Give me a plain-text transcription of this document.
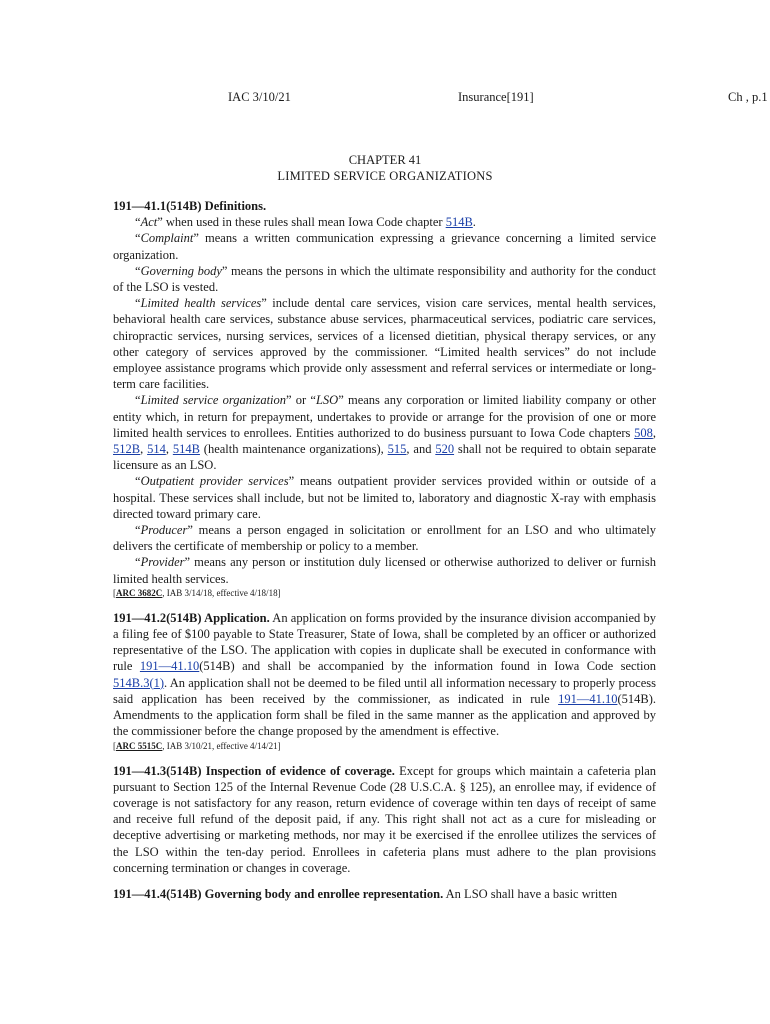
IAC 3/10/21	Insurance[191]	Ch , p.1
CHAPTER 41
LIMITED SERVICE ORGANIZATIONS

191—41.1(514B) Definitions.

“Act” when used in these rules shall mean Iowa Code chapter 514B.

“Complaint” means a written communication expressing a grievance concerning a limited service organization.

“Governing body” means the persons in which the ultimate responsibility and authority for the conduct of the LSO is vested.

“Limited health services” include dental care services, vision care services, mental health services, behavioral health care services, substance abuse services, pharmaceutical services, podiatric care services, chiropractic services, nursing services, services of a licensed dietitian, physical therapy services, or any other category of services approved by the commissioner. “Limited health services” do not include employee assistance programs which provide only assessment and referral services or intermediate or long-term care facilities.

“Limited service organization” or “LSO” means any corporation or limited liability company or other entity which, in return for prepayment, undertakes to provide or arrange for the provision of one or more limited health services to enrollees. Entities authorized to do business pursuant to Iowa Code chapters 508, 512B, 514, 514B (health maintenance organizations), 515, and 520 shall not be required to obtain separate licensure as an LSO.

“Outpatient provider services” means outpatient provider services provided within or outside of a hospital. These services shall include, but not be limited to, laboratory and diagnostic X-ray with emphasis directed toward primary care.

“Producer” means a person engaged in solicitation or enrollment for an LSO and who ultimately delivers the certificate of membership or policy to a member.

“Provider” means any person or institution duly licensed or otherwise authorized to deliver or furnish limited health services.

[ARC 3682C, IAB 3/14/18, effective 4/18/18]

191—41.2(514B) Application. An application on forms provided by the insurance division accompanied by a filing fee of $100 payable to State Treasurer, State of Iowa, shall be completed by an officer or authorized representative of the LSO. The application with copies in duplicate shall be executed in conformance with rule 191—41.10(514B) and shall be accompanied by the information found in Iowa Code section 514B.3(1). An application shall not be deemed to be filed until all information necessary to properly process said application has been received by the commissioner, as indicated in rule 191—41.10(514B). Amendments to the application form shall be filed in the same manner as the application and approved by the commissioner before the change proposed by the amendment is effective.

[ARC 5515C, IAB 3/10/21, effective 4/14/21]

191—41.3(514B) Inspection of evidence of coverage. Except for groups which maintain a cafeteria plan pursuant to Section 125 of the Internal Revenue Code (28 U.S.C.A. § 125), an enrollee may, if evidence of coverage is not satisfactory for any reason, return evidence of coverage within ten days of receipt of same and receive full refund of the deposit paid, if any. This right shall not act as a cure for misleading or deceptive advertising or marketing methods, nor may it be exercised if the enrollee utilizes the services of the LSO within the ten-day period. Enrollees in cafeteria plans must adhere to the plan provisions concerning termination or changes in coverage.

191—41.4(514B) Governing body and enrollee representation. An LSO shall have a basic written
